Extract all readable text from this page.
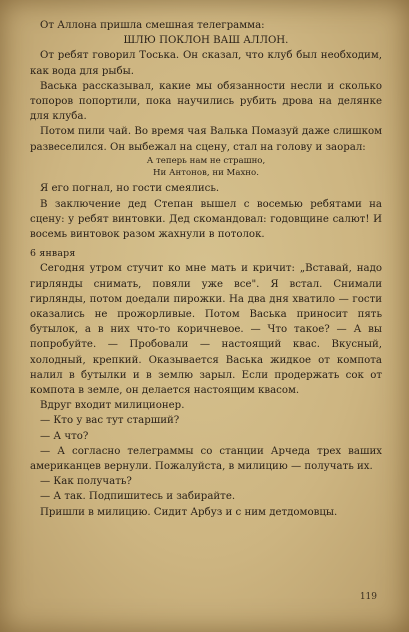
От Аллона пришла смешная телеграмма:

ШЛЮ ПОКЛОН ВАШ АЛЛОН.

От ребят говорил Тоська. Он сказал, что клуб был необходим, как вода для рыбы.

Васька рассказывал, какие мы обязанности несли и сколько топоров попортили, пока научились рубить дрова на делянке для клуба.

Потом пили чай. Во время чая Валька Помазуй даже слишком развеселился. Он выбежал на сцену, стал на голову и заорал:

А теперь нам не страшно,
Ни Антонов, ни Махно.

Я его погнал, но гости смеялись.

В заключение дед Степан вышел с восемью ребятами на сцену: у ребят винтовки. Дед скомандовал: годовщине салют! И восемь винтовок разом жахнули в потолок.

6 января

Сегодня утром стучит ко мне мать и кричит: „Вставай, надо гирлянды снимать, повяли уже все". Я встал. Снимали гирлянды, потом доедали пирожки. На два дня хватило — гости оказались не прожорливые. Потом Васька приносит пять бутылок, а в них что-то коричневое. — Что такое? — А вы попробуйте. — Пробовали — настоящий квас. Вкусный, холодный, крепкий. Оказывается Васька жидкое от компота налил в бутылки и в землю зарыл. Если продержать сок от компота в земле, он делается настоящим квасом.

Вдруг входит милиционер.

— Кто у вас тут старший?

— А что?

— А согласно телеграммы со станции Арчеда трех ваших американцев вернули. Пожалуйста, в милицию — получать их.

— Как получать?

— А так. Подпишитесь и забирайте.

Пришли в милицию. Сидит Арбуз и с ним детдомовцы.

119
